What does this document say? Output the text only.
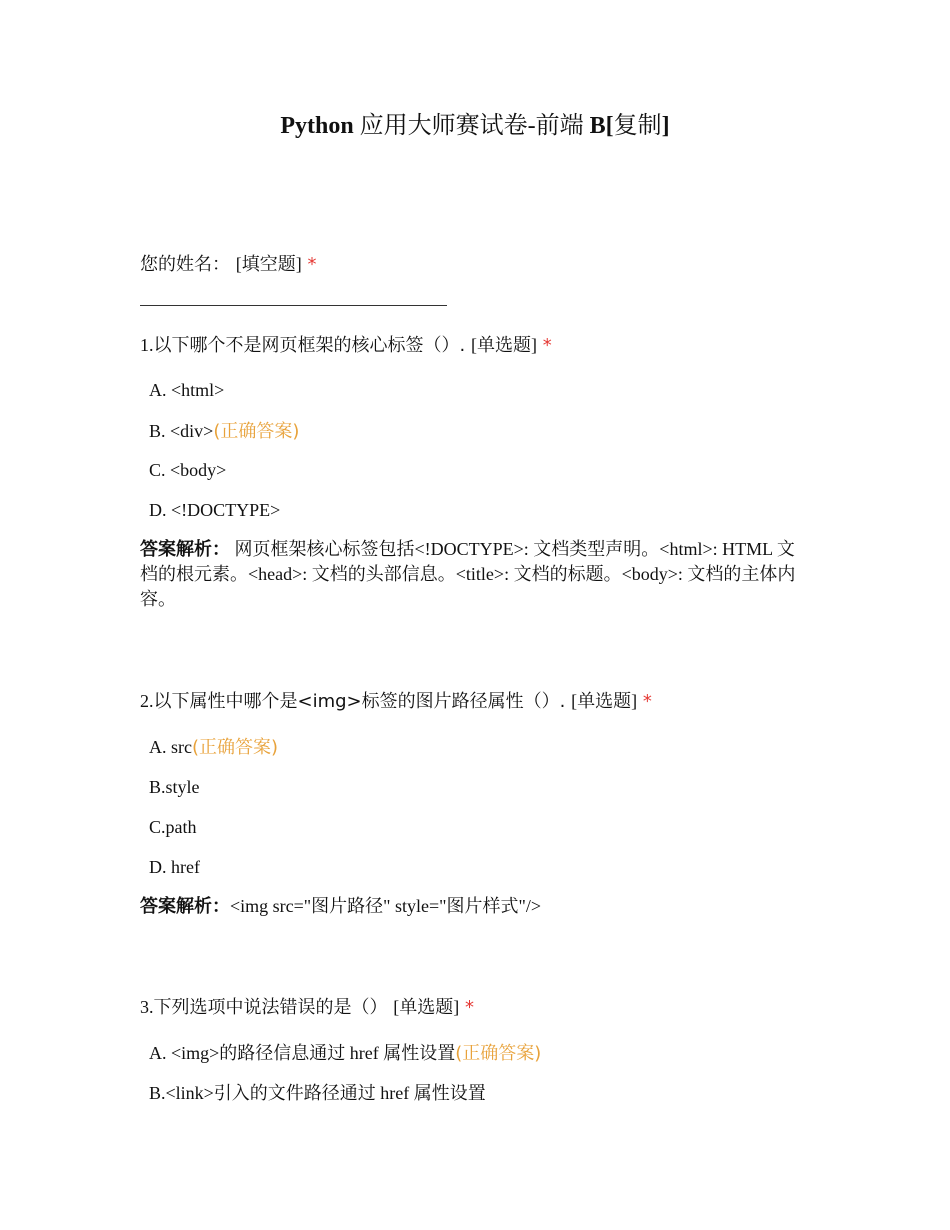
Python 应用大师赛试卷-前端 B[复制]
您的姓名： [填空题] *
1.以下哪个不是网页框架的核心标签（）. [单选题] *
A. <html>
B. <div>(正确答案)
C. <body>
D. <!DOCTYPE>
答案解析： 网页框架核心标签包括<!DOCTYPE>: 文档类型声明。<html>: HTML 文档的根元素。<head>: 文档的头部信息。<title>: 文档的标题。<body>: 文档的主体内容。
2.以下属性中哪个是<img>标签的图片路径属性（）. [单选题] *
A. src(正确答案)
B.style
C.path
D. href
答案解析：<img src="图片路径" style="图片样式"/>
3.下列选项中说法错误的是（） [单选题] *
A. <img>的路径信息通过 href 属性设置(正确答案)
B.<link>引入的文件路径通过 href 属性设置
